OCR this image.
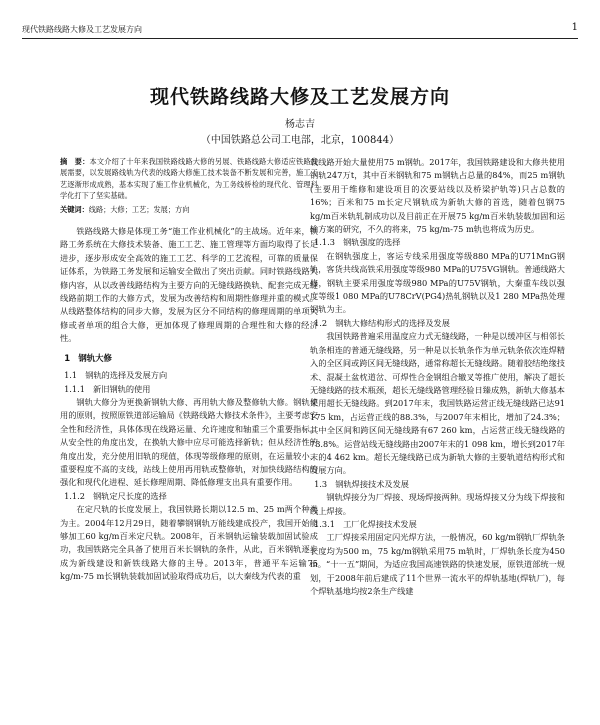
现代铁路线路大修及工艺发展方向	1
现代铁路线路大修及工艺发展方向
杨志吉
（中国铁路总公司工电部，北京，100844）
摘　要：本文介绍了十年来我国铁路线路大修的另展、铁路线路大修适应铁路发展需要，以发展路线轨为代表的线路大修施工技术装备不断发展和完善，施工工艺逐渐形成成熟，基本实现了施工作业机械化，为工务线桥检的现代化、管理科学化打下了坚实基础。
关键词：线路；大修；工艺；发展；方向

铁路线路大修是体现工务“施工作业机械化”的主战场。近年来，铁路工务系统在大修技术装备、施工工艺、施工管理等方面均取得了长足进步，逐步形成安全高效的施工工艺、科学的工艺流程，可靠的质量保证体系，为铁路工务发展和运输安全做出了突出贡献。同时铁路线路大修内容，从以改善线路结构为主要方向的无缝线路换轨、配套完成无缝线路前期工作的大修方式，发展为改善结构和周期性修理并重的模式。从线路整体结构的同步大修，发展为区分不同结构的修理周期的单项大修或者单项的组合大修，更加体现了修理周期的合理性和大修的经济性。

1　钢轨大修
1.1　钢轨的选择及发展方向
1.1.1　新旧钢轨的使用

钢轨大修分为更换新钢轨大修、再用轨大修及整修轨大修。钢轨使用的原则，按照原铁道部运输局《铁路线路大修技术条件》，主要考虑安全性和经济性，具体体现在线路运量、允许速度和轴重三个重要指标。从安全性的角度出发，在换轨大修中应尽可能选择新轨；但从经济性的角度出发，充分使用旧轨的现值，体现等级修理的原则，在运量较小、重要程度不高的支线，站线上使用再用轨或整修轨，对加快线路结构的强化和现代化进程、延长修理周期、降低修理支出具有重要作用。

1.1.2　钢轨定尺长度的选择

在定尺轨的长度发展上，我国铁路长期以12.5 m、25 m两个种类为主。2004年12月29日，随着攀钢钢轨万能线建成投产，我国开始能够加工60 kg/m百米定尺轨。2008年，百米钢轨运输装载加固试验成功，我国铁路完全具备了使用百米长钢轨的条件，从此，百米钢轨逐步成为新线建设和新铁线路大修的主导。2013年，普通平车运输75 kg/m-75 m长钢轨装载加固试验取得成功后，以大秦线为代表的重

载线路开始大量使用75 m钢轨。2017年，我国铁路建设和大修共使用钢轨247万t，其中百米钢轨和75 m钢轨占总量的84%，而25 m钢轨(主要用于维修和建设项目的次要站线以及桥梁护轨等)只占总数的16%；百米和75 m长定尺钢轨成为新轨大修的首选，随着包钢75 kg/m百米轨轧制成功以及目前正在开展75 kg/m百米轨装载加固和运输方案的研究，不久的将来，75 kg/m-75 m轨也将成为历史。

1.1.3　钢轨强度的选择

在钢轨强度上，客运专线采用强度等级880 MPa的U71MnG钢轨，客货共线高铁采用强度等级980 MPa的U75VG钢轨。普通线路大修，钢轨主要采用强度等级980 MPa的U75V钢轨，大秦重车线以强度等级1 080 MPa的U78CrV(PG4)热轧钢轨以及1 280 MPa热处理钢轨为主。

1.2　钢轨大修结构形式的选择及发展

我国铁路普遍采用温度应力式无缝线路，一种是以缓冲区与相邻长轨条相连的普通无缝线路，另一种是以长轨条作为单元轨条依次连焊精入的全区间或跨区间无缝线路，通常称超长无缝线路。随着胶结绝缘技术、混凝土盆枕道岔、可焊性合金钢组合辙叉等推广使用，解决了超长无缝线路的技术瓶颈，超长无缝线路管理经验日臻成熟，新轨大修基本采用超长无缝线路。到2017年末，我国铁路运营正线无缝线路已达91 175 km，占运营正线的88.3%，与2007年末相比，增加了24.3%；其中全区间和跨区间无缝线路有67 260 km，占运营正线无缝线路的73.8%。运营站线无缝线路由2007年末的1 098 km，增长到2017年末的4 462 km。超长无缝线路已成为新轨大修的主要轨道结构形式和发展方向。

1.3　钢轨焊接技术及发展

钢轨焊接分为厂焊接、现场焊接两种。现场焊接又分为线下焊接和线上焊接。

1.3.1　工厂化焊接技术发展

工厂焊接采用固定闪光焊方法，一般情况，60 kg/m钢轨厂焊轨条长度均为500 m，75 kg/m钢轨采用75 m轨时，厂焊轨条长度为450 m。“十一五”期间，为适应我国高速铁路的快速发展，原铁道部统一规划，于2008年前后建成了11个世界一流水平的焊轨基地(焊轨厂)，每个焊轨基地均按2条生产线建
